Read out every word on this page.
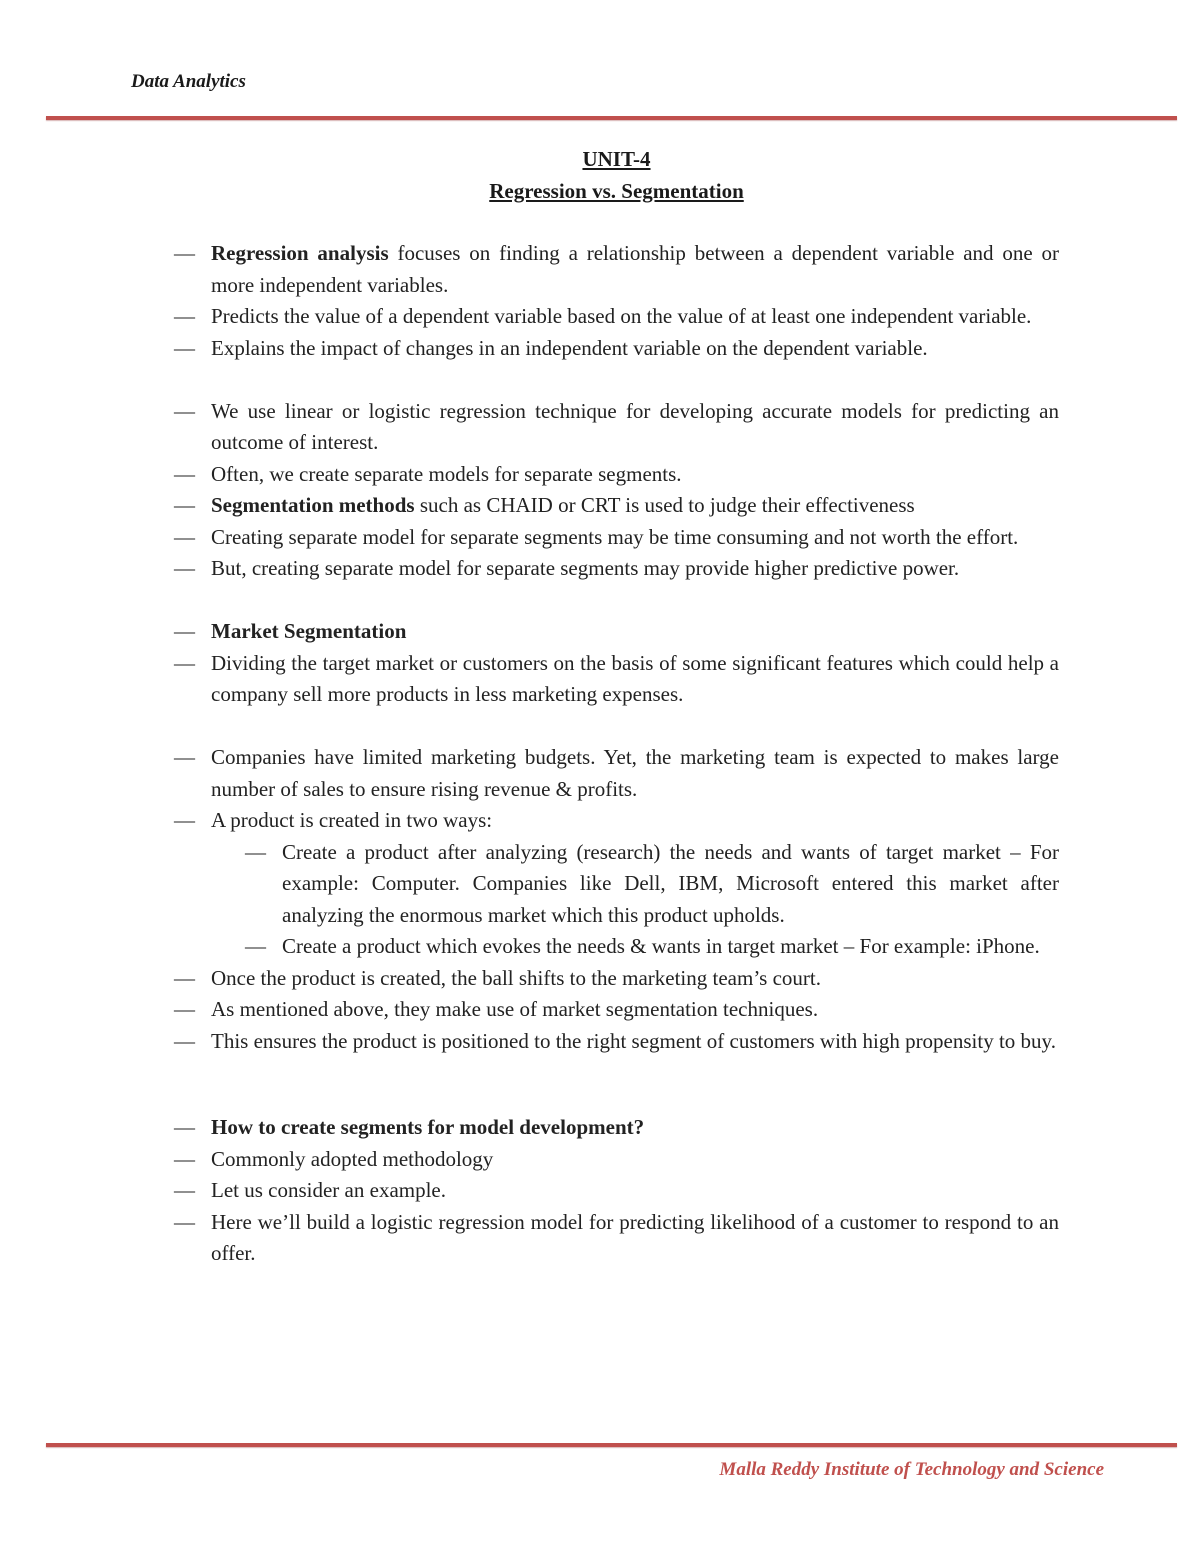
Data Analytics
UNIT-4
Regression vs. Segmentation
— Regression analysis focuses on finding a relationship between a dependent variable and one or more independent variables.
— Predicts the value of a dependent variable based on the value of at least one independent variable.
— Explains the impact of changes in an independent variable on the dependent variable.
— We use linear or logistic regression technique for developing accurate models for predicting an outcome of interest.
— Often, we create separate models for separate segments.
— Segmentation methods such as CHAID or CRT is used to judge their effectiveness
— Creating separate model for separate segments may be time consuming and not worth the effort.
— But, creating separate model for separate segments may provide higher predictive power.
— Market Segmentation
— Dividing the target market or customers on the basis of some significant features which could help a company sell more products in less marketing expenses.
— Companies have limited marketing budgets. Yet, the marketing team is expected to makes large number of sales to ensure rising revenue & profits.
— A product is created in two ways:
— Create a product after analyzing (research) the needs and wants of target market – For example: Computer. Companies like Dell, IBM, Microsoft entered this market after analyzing the enormous market which this product upholds.
— Create a product which evokes the needs & wants in target market – For example: iPhone.
— Once the product is created, the ball shifts to the marketing team’s court.
— As mentioned above, they make use of market segmentation techniques.
— This ensures the product is positioned to the right segment of customers with high propensity to buy.
— How to create segments for model development?
— Commonly adopted methodology
— Let us consider an example.
— Here we’ll build a logistic regression model for predicting likelihood of a customer to respond to an offer.
Malla Reddy Institute of Technology and Science
